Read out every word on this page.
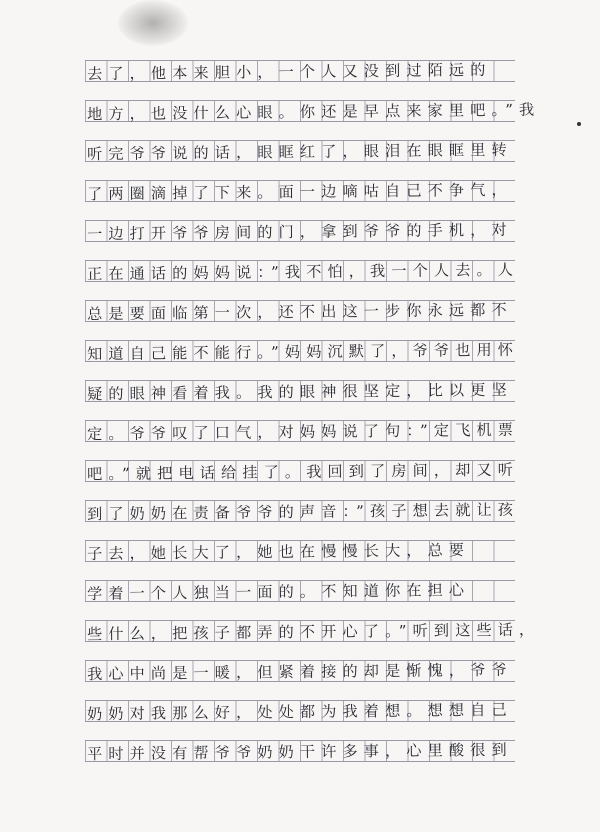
去了，他本来胆小，一个人又没到过陌远的
地方，也没什么心眼。你还是早点来家里吧。”我
听完爷爷说的话，眼眶红了，眼泪在眼眶里转
了两圈滴掉了下来。面一边嘀咕自己不争气，
一边打开爷爷房间的门，拿到爷爷的手机，对
正在通话的妈妈说：”我不怕，我一个人去。人
总是要面临第一次，还不出这一步你永远都不
知道自己能不能行。”妈妈沉默了，爷爷也用怀
疑的眼神看着我。我的眼神很坚定，比以更坚
定。爷爷叹了口气，对妈妈说了句：”定飞机票
吧。”就把电话给挂了。我回到了房间，却又听
到了奶奶在责备爷爷的声音：”孩子想去就让孩
子去，她长大了，她也在慢慢长大，总要
学着一个人独当一面的。不知道你在担心
些什么，把孩子都弄的不开心了。”听到这些话，
我心中尚是一暖，但紧着接的却是惭愧，爷爷
奶奶对我那么好，处处都为我着想。想想自己
平时并没有帮爷爷奶奶干许多事，心里酸很到
